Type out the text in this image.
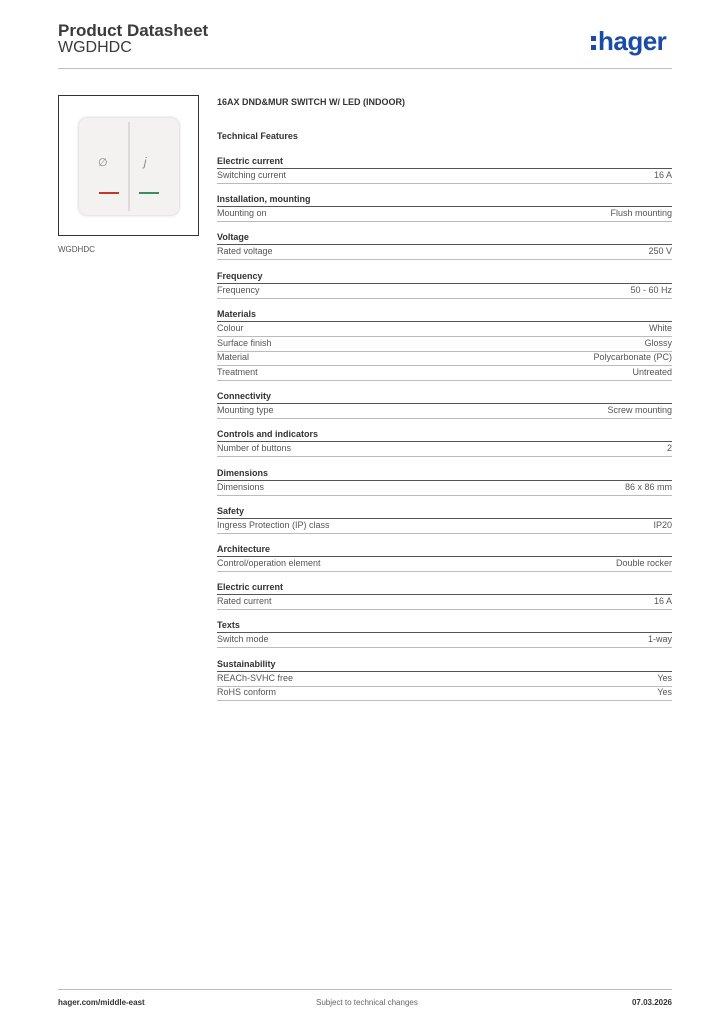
Product Datasheet
WGDHDC	hager
∅	𝑗
WGDHDC
16AX DND&MUR SWITCH W/ LED (INDOOR)
Technical Features
Electric current
Switching current	16 A
Installation, mounting
Mounting on	Flush mounting
Voltage
Rated voltage	250 V
Frequency
Frequency	50 - 60 Hz
Materials
Colour	White
Surface finish	Glossy
Material	Polycarbonate (PC)
Treatment	Untreated
Connectivity
Mounting type	Screw mounting
Controls and indicators
Number of buttons	2
Dimensions
Dimensions	86 x 86 mm
Safety
Ingress Protection (IP) class	IP20
Architecture
Control/operation element	Double rocker
Electric current
Rated current	16 A
Texts
Switch mode	1-way
Sustainability
REACh-SVHC free	Yes
RoHS conform	Yes
hager.com/middle-east	Subject to technical changes	07.03.2026
